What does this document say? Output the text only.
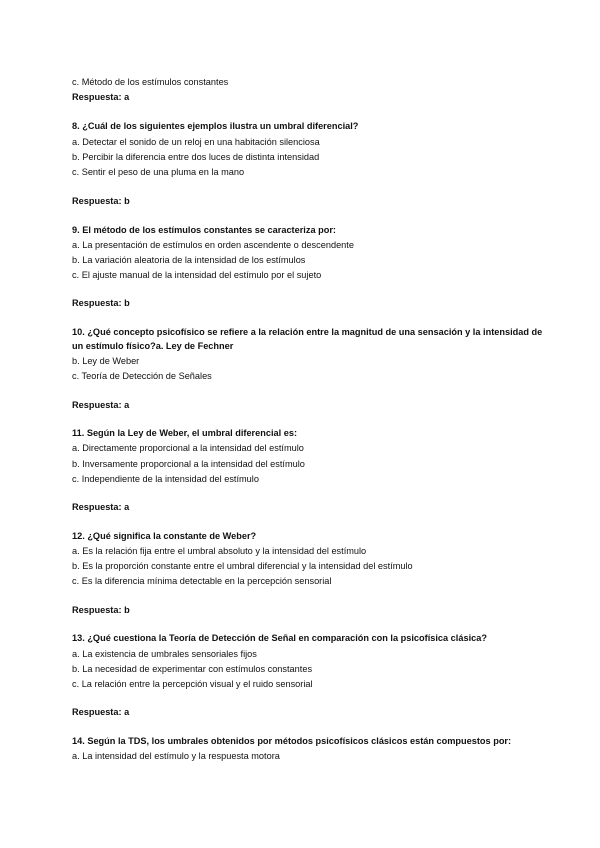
c. Método de los estímulos constantes
Respuesta: a
8. ¿Cuál de los siguientes ejemplos ilustra un umbral diferencial?
a. Detectar el sonido de un reloj en una habitación silenciosa
b. Percibir la diferencia entre dos luces de distinta intensidad
c. Sentir el peso de una pluma en la mano
Respuesta: b
9. El método de los estímulos constantes se caracteriza por:
a. La presentación de estímulos en orden ascendente o descendente
b. La variación aleatoria de la intensidad de los estímulos
c. El ajuste manual de la intensidad del estímulo por el sujeto
Respuesta: b
10. ¿Qué concepto psicofísico se refiere a la relación entre la magnitud de una sensación y la intensidad de
un estímulo físico?a. Ley de Fechner
b. Ley de Weber
c. Teoría de Detección de Señales
Respuesta: a
11. Según la Ley de Weber, el umbral diferencial es:
a. Directamente proporcional a la intensidad del estímulo
b. Inversamente proporcional a la intensidad del estímulo
c. Independiente de la intensidad del estímulo
Respuesta: a
12. ¿Qué significa la constante de Weber?
a. Es la relación fija entre el umbral absoluto y la intensidad del estímulo
b. Es la proporción constante entre el umbral diferencial y la intensidad del estímulo
c. Es la diferencia mínima detectable en la percepción sensorial
Respuesta: b
13. ¿Qué cuestiona la Teoría de Detección de Señal en comparación con la psicofísica clásica?
a. La existencia de umbrales sensoriales fijos
b. La necesidad de experimentar con estímulos constantes
c. La relación entre la percepción visual y el ruido sensorial
Respuesta: a
14. Según la TDS, los umbrales obtenidos por métodos psicofísicos clásicos están compuestos por:
a. La intensidad del estímulo y la respuesta motora
